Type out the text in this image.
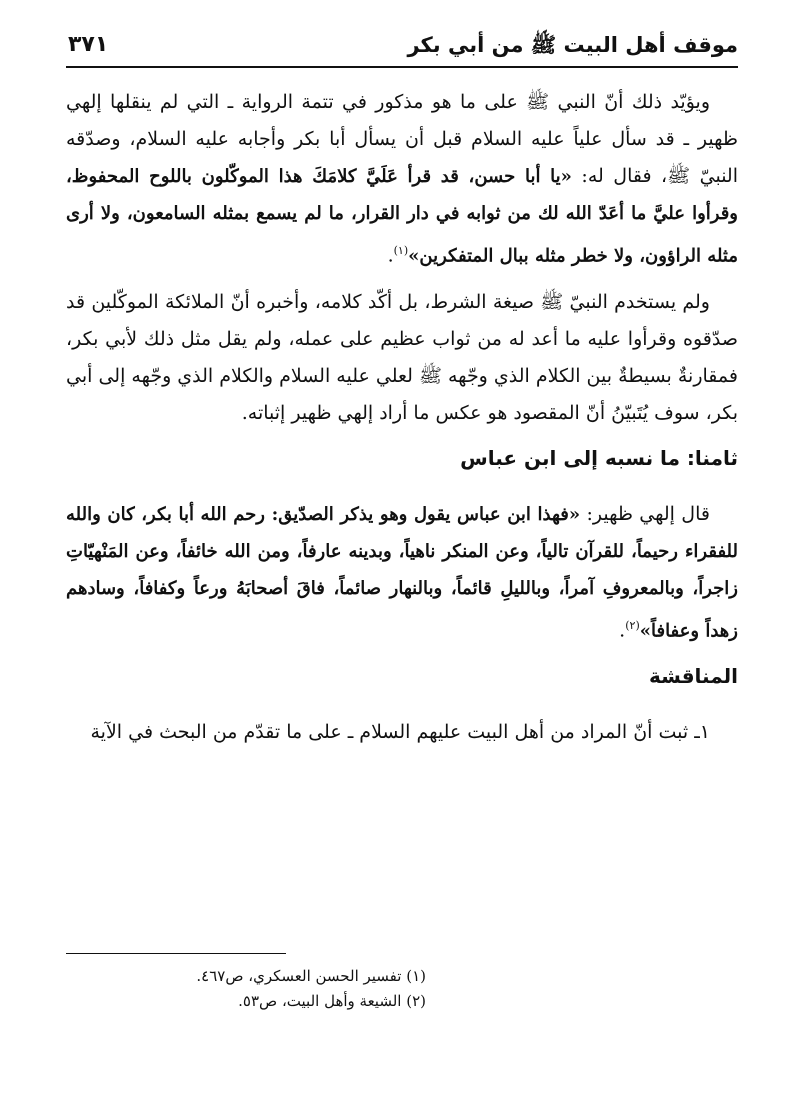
موقف أهل البيت ﷺ من أبي بكر
٣٧١

ويؤيّد ذلك أنّ النبي ﷺ على ما هو مذكور في تتمة الرواية ـ التي لم ينقلها إلهي ظهير ـ قد سأل علياً عليه السلام قبل أن يسأل أبا بكر وأجابه عليه السلام، وصدّقه النبيّ ﷺ، فقال له: «يا أبا حسن، قد قرأ عَلَيَّ كلامَكَ هذا الموكّلون باللوح المحفوظ، وقرأوا عليَّ ما أعَدّ الله لك من ثوابه في دار القرار، ما لم يسمع بمثله السامعون، ولا أرى مثله الراؤون، ولا خطر مثله ببال المتفكرين»$^{(١)}$.

ولم يستخدم النبيّ ﷺ صيغة الشرط، بل أكّد كلامه، وأخبره أنّ الملائكة الموكّلين قد صدّقوه وقرأوا عليه ما أعد له من ثواب عظيم على عمله، ولم يقل مثل ذلك لأبي بكر، فمقارنةٌ بسيطةٌ بين الكلام الذي وجّهه ﷺ لعلي عليه السلام والكلام الذي وجّهه إلى أبي بكر، سوف يُتَبيّنُ أنّ المقصود هو عكس ما أراد إلهي ظهير إثباته.

ثامنا: ما نسبه إلى ابن عباس

قال إلهي ظهير: «فهذا ابن عباس يقول وهو يذكر الصدّيق: رحم الله أبا بكر، كان والله للفقراء رحيماً، للقرآن تالياً، وعن المنكر ناهياً، وبدينه عارفاً، ومن الله خائفاً، وعن المَنْهيّاتِ زاجراً، وبالمعروفِ آمراً، وبالليلِ قائماً، وبالنهار صائماً، فاقَ أصحابَهُ ورعاً وكفافاً، وسادهم زهداً وعفافاً»$^{(٢)}$.

المناقشة

١ـ ثبت أنّ المراد من أهل البيت عليهم السلام ـ على ما تقدّم من البحث في الآية

(١) تفسير الحسن العسكري، ص٤٦٧.
(٢) الشيعة وأهل البيت، ص٥٣.
